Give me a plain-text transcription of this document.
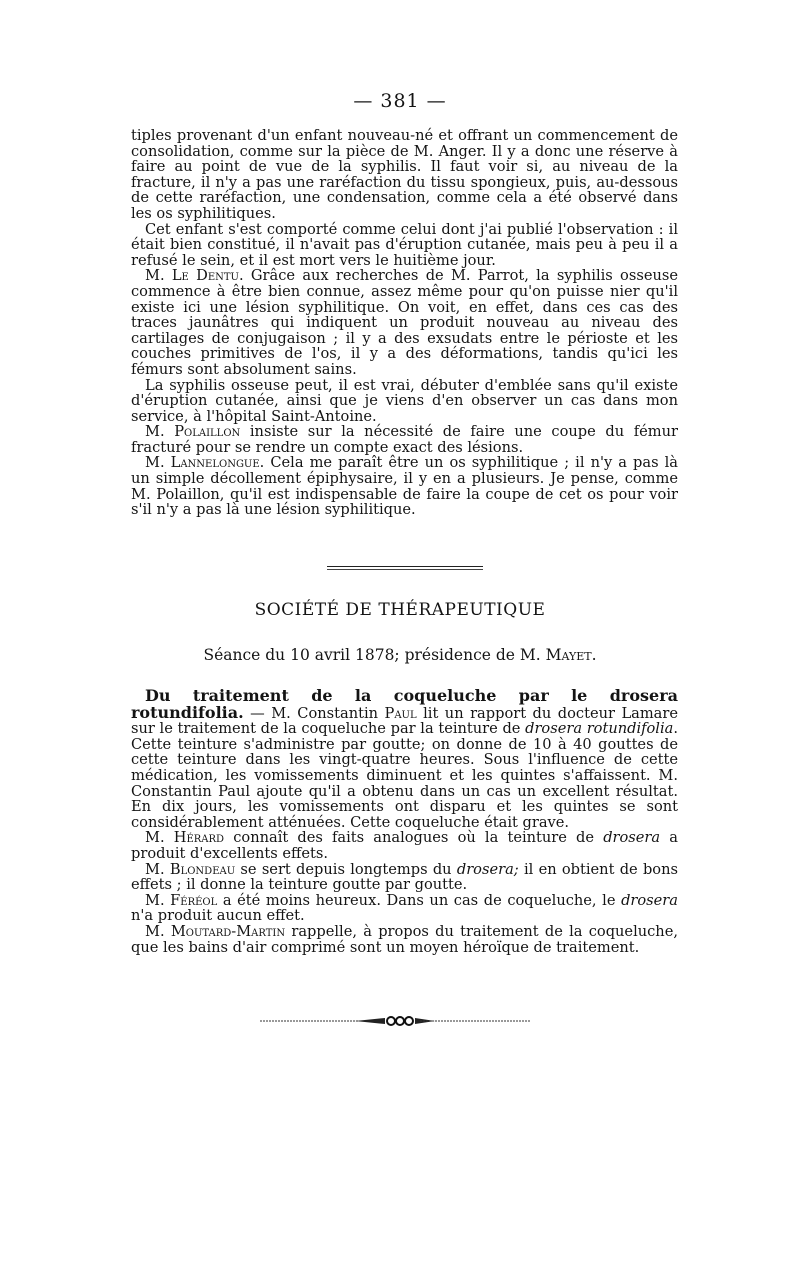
— 381 —

tiples provenant d'un enfant nouveau-né et offrant un commencement de consolidation, comme sur la pièce de M. Anger. Il y a donc une réserve à faire au point de vue de la syphilis. Il faut voir si, au niveau de la fracture, il n'y a pas une raréfaction du tissu spongieux, puis, au-dessous de cette raréfaction, une condensation, comme cela a été observé dans les os syphilitiques.

Cet enfant s'est comporté comme celui dont j'ai publié l'observation : il était bien constitué, il n'avait pas d'éruption cutanée, mais peu à peu il a refusé le sein, et il est mort vers le huitième jour.

M. Le Dentu. Grâce aux recherches de M. Parrot, la syphilis osseuse commence à être bien connue, assez même pour qu'on puisse nier qu'il existe ici une lésion syphilitique. On voit, en effet, dans ces cas des traces jaunâtres qui indiquent un produit nouveau au niveau des cartilages de conjugaison ; il y a des exsudats entre le périoste et les couches primitives de l'os, il y a des déformations, tandis qu'ici les fémurs sont absolument sains.

La syphilis osseuse peut, il est vrai, débuter d'emblée sans qu'il existe d'éruption cutanée, ainsi que je viens d'en observer un cas dans mon service, à l'hôpital Saint-Antoine.

M. Polaillon insiste sur la nécessité de faire une coupe du fémur fracturé pour se rendre un compte exact des lésions.

M. Lannelongue. Cela me paraît être un os syphilitique ; il n'y a pas là un simple décollement épiphysaire, il y en a plusieurs. Je pense, comme M. Polaillon, qu'il est indispensable de faire la coupe de cet os pour voir s'il n'y a pas là une lésion syphilitique.

SOCIÉTÉ DE THÉRAPEUTIQUE
Séance du 10 avril 1878; présidence de M. Mayet.

Du traitement de la coqueluche par le drosera rotundifolia. — M. Constantin Paul lit un rapport du docteur Lamare sur le traitement de la coqueluche par la teinture de drosera rotundifolia. Cette teinture s'administre par goutte; on donne de 10 à 40 gouttes de cette teinture dans les vingt-quatre heures. Sous l'influence de cette médication, les vomissements diminuent et les quintes s'affaissent. M. Constantin Paul ajoute qu'il a obtenu dans un cas un excellent résultat. En dix jours, les vomissements ont disparu et les quintes se sont considérablement atténuées. Cette coqueluche était grave.

M. Hérard connaît des faits analogues où la teinture de drosera a produit d'excellents effets.

M. Blondeau se sert depuis longtemps du drosera; il en obtient de bons effets ; il donne la teinture goutte par goutte.

M. Féréol a été moins heureux. Dans un cas de coqueluche, le drosera n'a produit aucun effet.

M. Moutard-Martin rappelle, à propos du traitement de la coqueluche, que les bains d'air comprimé sont un moyen héroïque de traitement.
